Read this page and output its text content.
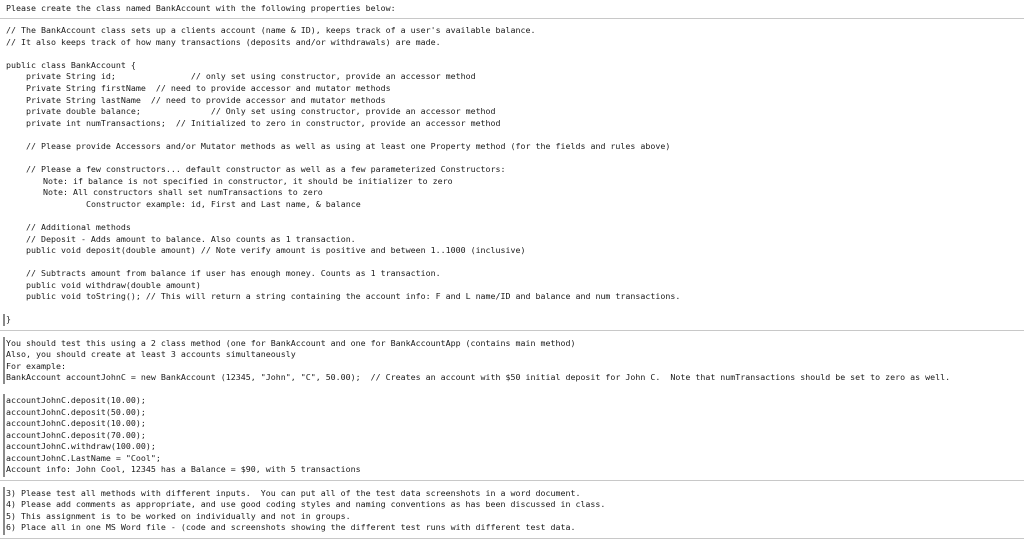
Please create the class named BankAccount with the following properties below:
// The BankAccount class sets up a clients account (name & ID), keeps track of a user's available balance.
// It also keeps track of how many transactions (deposits and/or withdrawals) are made.
public class BankAccount {
private String id;               // only set using constructor, provide an accessor method
Private String firstName  // need to provide accessor and mutator methods
Private String lastName  // need to provide accessor and mutator methods
private double balance;              // Only set using constructor, provide an accessor method
private int numTransactions;  // Initialized to zero in constructor, provide an accessor method
// Please provide Accessors and/or Mutator methods as well as using at least one Property method (for the fields and rules above)
// Please a few constructors... default constructor as well as a few parameterized Constructors:
Note: if balance is not specified in constructor, it should be initializer to zero
Note: All constructors shall set numTransactions to zero
Constructor example: id, First and Last name, & balance
// Additional methods
// Deposit - Adds amount to balance. Also counts as 1 transaction.
public void deposit(double amount) // Note verify amount is positive and between 1..1000 (inclusive)
// Subtracts amount from balance if user has enough money. Counts as 1 transaction.
public void withdraw(double amount)
public void toString(); // This will return a string containing the account info: F and L name/ID and balance and num transactions.
}
You should test this using a 2 class method (one for BankAccount and one for BankAccountApp (contains main method)
Also, you should create at least 3 accounts simultaneously
For example:
BankAccount accountJohnC = new BankAccount (12345, "John", "C", 50.00);  // Creates an account with $50 initial deposit for John C.  Note that numTransactions should be set to zero as well.
accountJohnC.deposit(10.00);
accountJohnC.deposit(50.00);
accountJohnC.deposit(10.00);
accountJohnC.deposit(70.00);
accountJohnC.withdraw(100.00);
accountJohnC.LastName = "Cool";
Account info: John Cool, 12345 has a Balance = $90, with 5 transactions
3) Please test all methods with different inputs.  You can put all of the test data screenshots in a word document.
4) Please add comments as appropriate, and use good coding styles and naming conventions as has been discussed in class.
5) This assignment is to be worked on individually and not in groups.
6) Place all in one MS Word file - (code and screenshots showing the different test runs with different test data.
